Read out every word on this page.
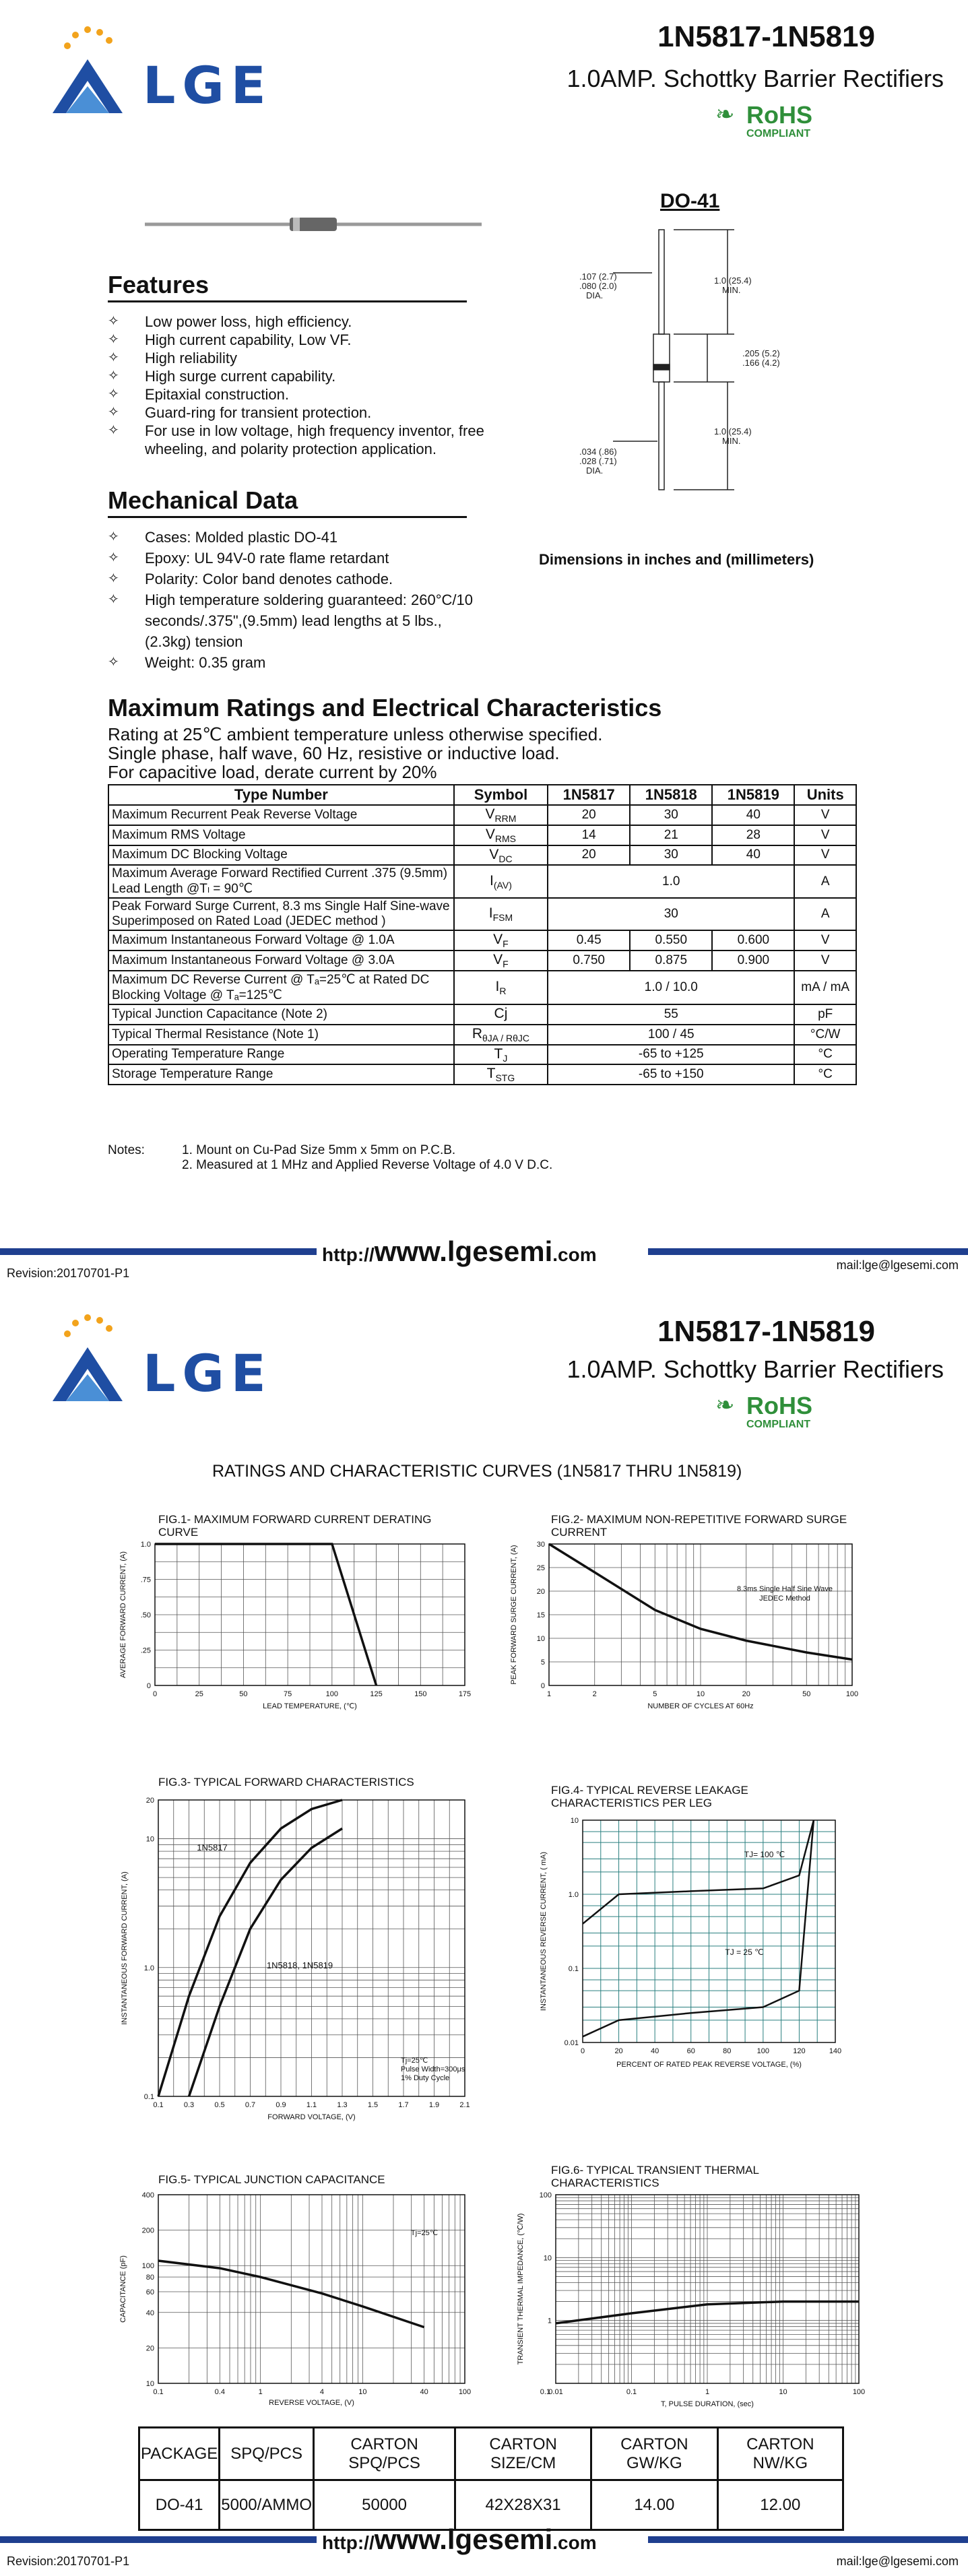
LGE
1N5817-1N5819
1.0AMP. Schottky Barrier Rectifiers
❧ RoHS
COMPLIANT
DO-41
.107 (2.7)
.080 (2.0)
DIA.
1.0 (25.4)
MIN.
.205 (5.2)
.166 (4.2)
1.0 (25.4)
MIN.
.034 (.86)
.028 (.71)
DIA.
Dimensions in inches and (millimeters)
Features
✧ Low power loss, high efficiency.
✧ High current capability, Low VF.
✧ High reliability
✧ High surge current capability.
✧ Epitaxial construction.
✧ Guard-ring for transient protection.
✧ For use in low voltage, high frequency inventor, free wheeling, and polarity protection application.
Mechanical Data
✧ Cases: Molded plastic DO-41
✧ Epoxy: UL 94V-0 rate flame retardant
✧ Polarity: Color band denotes cathode.
✧ High temperature soldering guaranteed: 260°C/10 seconds/.375",(9.5mm) lead lengths at 5 lbs., (2.3kg) tension
✧ Weight: 0.35 gram
Maximum Ratings and Electrical Characteristics
Rating at 25℃ ambient temperature unless otherwise specified.
Single phase, half wave, 60 Hz, resistive or inductive load.
For capacitive load, derate current by 20%
Type Number	Symbol	1N5817	1N5818	1N5819	Units
Maximum Recurrent Peak Reverse Voltage	$V_{RRM}$	20	30	40	V
Maximum RMS Voltage	$V_{RMS}$	14	21	28	V
Maximum DC Blocking Voltage	$V_{DC}$	20	30	40	V
Maximum Average Forward Rectified Current .375 (9.5mm) Lead Length @Tₗ = 90℃	$I_{(AV)}$	1.0			A
Peak Forward Surge Current, 8.3 ms Single Half Sine-wave Superimposed on Rated Load (JEDEC method )	$I_{FSM}$	30			A
Maximum Instantaneous Forward Voltage @ 1.0A	$V_F$	0.45	0.550	0.600	V
Maximum Instantaneous Forward Voltage @ 3.0A	$V_F$	0.750	0.875	0.900	V
Maximum DC Reverse Current @ Tₐ=25℃ at Rated DC Blocking Voltage @ Tₐ=125℃	$I_R$	1.0 / 10.0			mA / mA
Typical Junction Capacitance (Note 2)	Cj	55			pF
Typical Thermal Resistance (Note 1)	$R_{\theta JA / R\theta JC}$	100 / 45			°C/W
Operating Temperature Range	$T_J$	-65 to +125			°C
Storage Temperature Range	$T_{STG}$	-65 to +150			°C
Notes:	1. Mount on Cu-Pad Size 5mm x 5mm on P.C.B.
2. Measured at 1 MHz and Applied Reverse Voltage of 4.0 V D.C.
http://www.lgesemi.com
Revision:20170701-P1
mail:lge@lgesemi.com
LGE
1N5817-1N5819
1.0AMP. Schottky Barrier Rectifiers
❧ RoHS
COMPLIANT
RATINGS AND CHARACTERISTIC CURVES (1N5817 THRU 1N5819)
FIG.1- MAXIMUM FORWARD CURRENT DERATING CURVE
0	25	50	75	100	125	150	175
0
.25
.50
.75
1.0
LEAD TEMPERATURE, (℃)
AVERAGE FORWARD CURRENT, (A)
FIG.2- MAXIMUM NON-REPETITIVE FORWARD SURGE CURRENT
1	2	5	10	20	50	100
0
5
10
15
20
25
30
NUMBER OF CYCLES AT 60Hz
PEAK FORWARD SURGE CURRENT, (A)	8.3ms Single Half Sine Wave
JEDEC Method
FIG.3- TYPICAL FORWARD CHARACTERISTICS
0.1	0.3	0.5	0.7	0.9	1.1	1.3	1.5	1.7	1.9	2.1
0.1
1.0
10
20
1N5817
1N5818, 1N5819
Tj=25℃
Pulse Width=300μs
1% Duty Cycle
FORWARD VOLTAGE, (V)
INSTANTANEOUS FORWARD CURRENT, (A)
FIG.4- TYPICAL REVERSE LEAKAGE CHARACTERISTICS PER LEG
0	20	40	60	80	100	120	140
0.01
0.1
1.0
10
TJ= 100 ℃
TJ = 25 ℃
PERCENT OF RATED PEAK REVERSE VOLTAGE, (%)
INSTANTANEOUS REVERSE CURRENT, ( mA)
FIG.5- TYPICAL JUNCTION CAPACITANCE
0.1	0.4	1	4	10	40	100
10
20
40
60
80
100
200
400
Tj=25℃
REVERSE VOLTAGE, (V)
CAPACITANCE (pF)
FIG.6- TYPICAL TRANSIENT THERMAL CHARACTERISTICS
0.01	0.1	1	10	100
0.1
1
10
100
T, PULSE DURATION, (sec)
TRANSIENT THERMAL IMPEDANCE, (℃/W)
PACKAGE	SPQ/PCS	CARTON SPQ/PCS	CARTON SIZE/CM	CARTON GW/KG	CARTON NW/KG
DO-41	5000/AMMO	50000	42X28X31	14.00	12.00
http://www.lgesemi.com
Revision:20170701-P1	mail:lge@lgesemi.com
